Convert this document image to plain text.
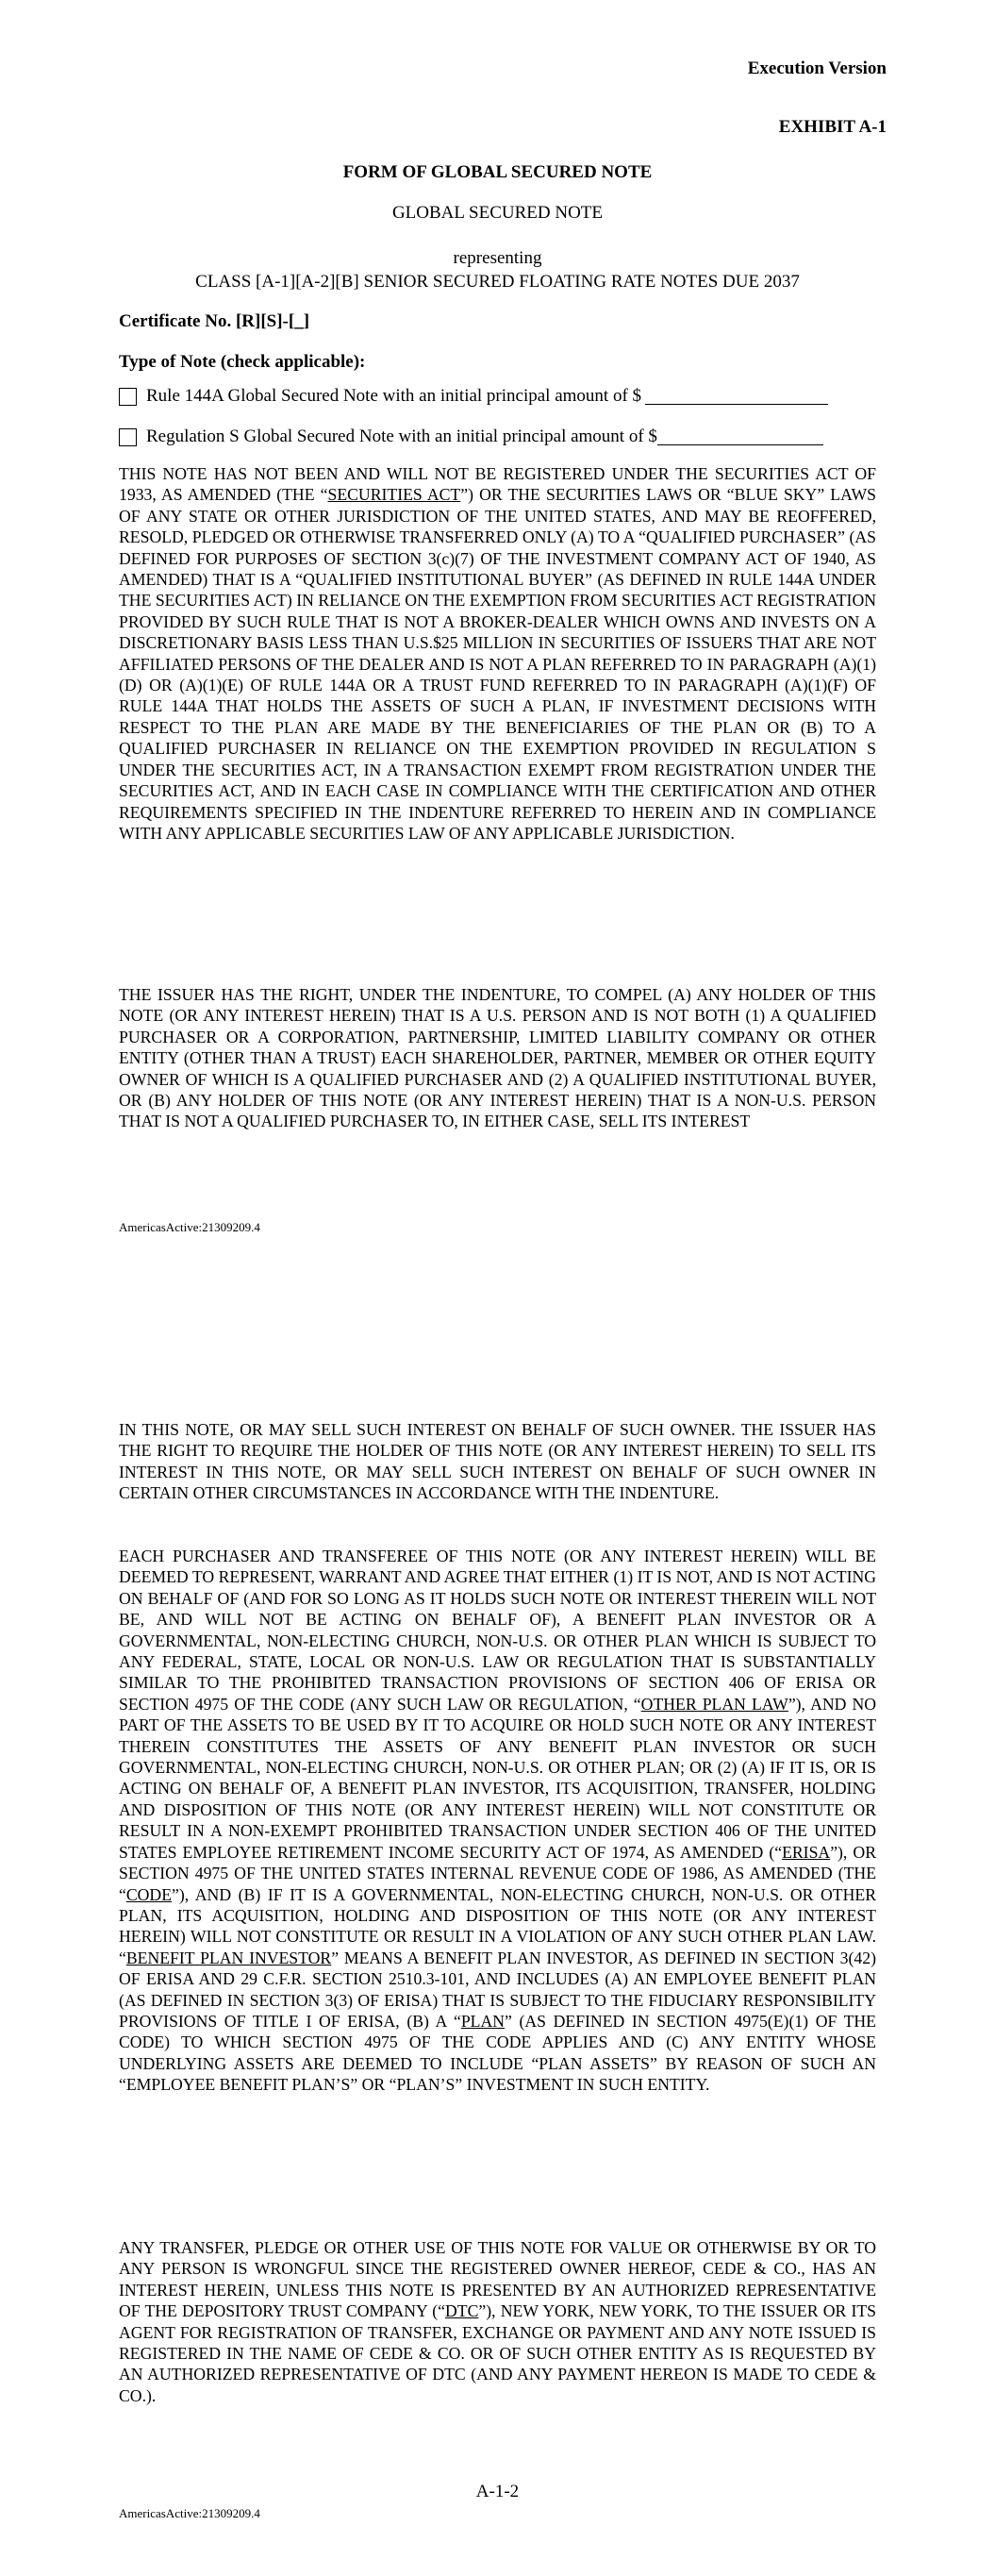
Execution Version
EXHIBIT A-1
FORM OF GLOBAL SECURED NOTE
GLOBAL SECURED NOTE
representing
CLASS [A-1][A-2][B] SENIOR SECURED FLOATING RATE NOTES DUE 2037
Certificate No. [R][S]-[_]
Type of Note (check applicable):
Rule 144A Global Secured Note with an initial principal amount of $
Regulation S Global Secured Note with an initial principal amount of $
THIS NOTE HAS NOT BEEN AND WILL NOT BE REGISTERED UNDER THE SECURITIES ACT OF 1933, AS AMENDED (THE “SECURITIES ACT”) OR THE SECURITIES LAWS OR “BLUE SKY” LAWS OF ANY STATE OR OTHER JURISDICTION OF THE UNITED STATES, AND MAY BE REOFFERED, RESOLD, PLEDGED OR OTHERWISE TRANSFERRED ONLY (A) TO A “QUALIFIED PURCHASER” (AS DEFINED FOR PURPOSES OF SECTION 3(c)(7) OF THE INVESTMENT COMPANY ACT OF 1940, AS AMENDED) THAT IS A “QUALIFIED INSTITUTIONAL BUYER” (AS DEFINED IN RULE 144A UNDER THE SECURITIES ACT) IN RELIANCE ON THE EXEMPTION FROM SECURITIES ACT REGISTRATION PROVIDED BY SUCH RULE THAT IS NOT A BROKER-DEALER WHICH OWNS AND INVESTS ON A DISCRETIONARY BASIS LESS THAN U.S.$25 MILLION IN SECURITIES OF ISSUERS THAT ARE NOT AFFILIATED PERSONS OF THE DEALER AND IS NOT A PLAN REFERRED TO IN PARAGRAPH (A)(1)(D) OR (A)(1)(E) OF RULE 144A OR A TRUST FUND REFERRED TO IN PARAGRAPH (A)(1)(F) OF RULE 144A THAT HOLDS THE ASSETS OF SUCH A PLAN, IF INVESTMENT DECISIONS WITH RESPECT TO THE PLAN ARE MADE BY THE BENEFICIARIES OF THE PLAN OR (B) TO A QUALIFIED PURCHASER IN RELIANCE ON THE EXEMPTION PROVIDED IN REGULATION S UNDER THE SECURITIES ACT, IN A TRANSACTION EXEMPT FROM REGISTRATION UNDER THE SECURITIES ACT, AND IN EACH CASE IN COMPLIANCE WITH THE CERTIFICATION AND OTHER REQUIREMENTS SPECIFIED IN THE INDENTURE REFERRED TO HEREIN AND IN COMPLIANCE WITH ANY APPLICABLE SECURITIES LAW OF ANY APPLICABLE JURISDICTION.
THE ISSUER HAS THE RIGHT, UNDER THE INDENTURE, TO COMPEL (A) ANY HOLDER OF THIS NOTE (OR ANY INTEREST HEREIN) THAT IS A U.S. PERSON AND IS NOT BOTH (1) A QUALIFIED PURCHASER OR A CORPORATION, PARTNERSHIP, LIMITED LIABILITY COMPANY OR OTHER ENTITY (OTHER THAN A TRUST) EACH SHAREHOLDER, PARTNER, MEMBER OR OTHER EQUITY OWNER OF WHICH IS A QUALIFIED PURCHASER AND (2) A QUALIFIED INSTITUTIONAL BUYER, OR (B) ANY HOLDER OF THIS NOTE (OR ANY INTEREST HEREIN) THAT IS A NON-U.S. PERSON THAT IS NOT A QUALIFIED PURCHASER TO, IN EITHER CASE, SELL ITS INTEREST
AmericasActive:21309209.4
IN THIS NOTE, OR MAY SELL SUCH INTEREST ON BEHALF OF SUCH OWNER. THE ISSUER HAS THE RIGHT TO REQUIRE THE HOLDER OF THIS NOTE (OR ANY INTEREST HEREIN) TO SELL ITS INTEREST IN THIS NOTE, OR MAY SELL SUCH INTEREST ON BEHALF OF SUCH OWNER IN CERTAIN OTHER CIRCUMSTANCES IN ACCORDANCE WITH THE INDENTURE.
EACH PURCHASER AND TRANSFEREE OF THIS NOTE (OR ANY INTEREST HEREIN) WILL BE DEEMED TO REPRESENT, WARRANT AND AGREE THAT EITHER (1) IT IS NOT, AND IS NOT ACTING ON BEHALF OF (AND FOR SO LONG AS IT HOLDS SUCH NOTE OR INTEREST THEREIN WILL NOT BE, AND WILL NOT BE ACTING ON BEHALF OF), A BENEFIT PLAN INVESTOR OR A GOVERNMENTAL, NON-ELECTING CHURCH, NON-U.S. OR OTHER PLAN WHICH IS SUBJECT TO ANY FEDERAL, STATE, LOCAL OR NON-U.S. LAW OR REGULATION THAT IS SUBSTANTIALLY SIMILAR TO THE PROHIBITED TRANSACTION PROVISIONS OF SECTION 406 OF ERISA OR SECTION 4975 OF THE CODE (ANY SUCH LAW OR REGULATION, “OTHER PLAN LAW”), AND NO PART OF THE ASSETS TO BE USED BY IT TO ACQUIRE OR HOLD SUCH NOTE OR ANY INTEREST THEREIN CONSTITUTES THE ASSETS OF ANY BENEFIT PLAN INVESTOR OR SUCH GOVERNMENTAL, NON-ELECTING CHURCH, NON-U.S. OR OTHER PLAN; OR (2) (A) IF IT IS, OR IS ACTING ON BEHALF OF, A BENEFIT PLAN INVESTOR, ITS ACQUISITION, TRANSFER, HOLDING AND DISPOSITION OF THIS NOTE (OR ANY INTEREST HEREIN) WILL NOT CONSTITUTE OR RESULT IN A NON-EXEMPT PROHIBITED TRANSACTION UNDER SECTION 406 OF THE UNITED STATES EMPLOYEE RETIREMENT INCOME SECURITY ACT OF 1974, AS AMENDED (“ERISA”), OR SECTION 4975 OF THE UNITED STATES INTERNAL REVENUE CODE OF 1986, AS AMENDED (THE “CODE”), AND (B) IF IT IS A GOVERNMENTAL, NON-ELECTING CHURCH, NON-U.S. OR OTHER PLAN, ITS ACQUISITION, HOLDING AND DISPOSITION OF THIS NOTE (OR ANY INTEREST HEREIN) WILL NOT CONSTITUTE OR RESULT IN A VIOLATION OF ANY SUCH OTHER PLAN LAW. “BENEFIT PLAN INVESTOR” MEANS A BENEFIT PLAN INVESTOR, AS DEFINED IN SECTION 3(42) OF ERISA AND 29 C.F.R. SECTION 2510.3-101, AND INCLUDES (A) AN EMPLOYEE BENEFIT PLAN (AS DEFINED IN SECTION 3(3) OF ERISA) THAT IS SUBJECT TO THE FIDUCIARY RESPONSIBILITY PROVISIONS OF TITLE I OF ERISA, (B) A “PLAN” (AS DEFINED IN SECTION 4975(E)(1) OF THE CODE) TO WHICH SECTION 4975 OF THE CODE APPLIES AND (C) ANY ENTITY WHOSE UNDERLYING ASSETS ARE DEEMED TO INCLUDE “PLAN ASSETS” BY REASON OF SUCH AN “EMPLOYEE BENEFIT PLAN’S” OR “PLAN’S” INVESTMENT IN SUCH ENTITY.
ANY TRANSFER, PLEDGE OR OTHER USE OF THIS NOTE FOR VALUE OR OTHERWISE BY OR TO ANY PERSON IS WRONGFUL SINCE THE REGISTERED OWNER HEREOF, CEDE & CO., HAS AN INTEREST HEREIN, UNLESS THIS NOTE IS PRESENTED BY AN AUTHORIZED REPRESENTATIVE OF THE DEPOSITORY TRUST COMPANY (“DTC”), NEW YORK, NEW YORK, TO THE ISSUER OR ITS AGENT FOR REGISTRATION OF TRANSFER, EXCHANGE OR PAYMENT AND ANY NOTE ISSUED IS REGISTERED IN THE NAME OF CEDE & CO. OR OF SUCH OTHER ENTITY AS IS REQUESTED BY AN AUTHORIZED REPRESENTATIVE OF DTC (AND ANY PAYMENT HEREON IS MADE TO CEDE & CO.).
A-1-2
AmericasActive:21309209.4
